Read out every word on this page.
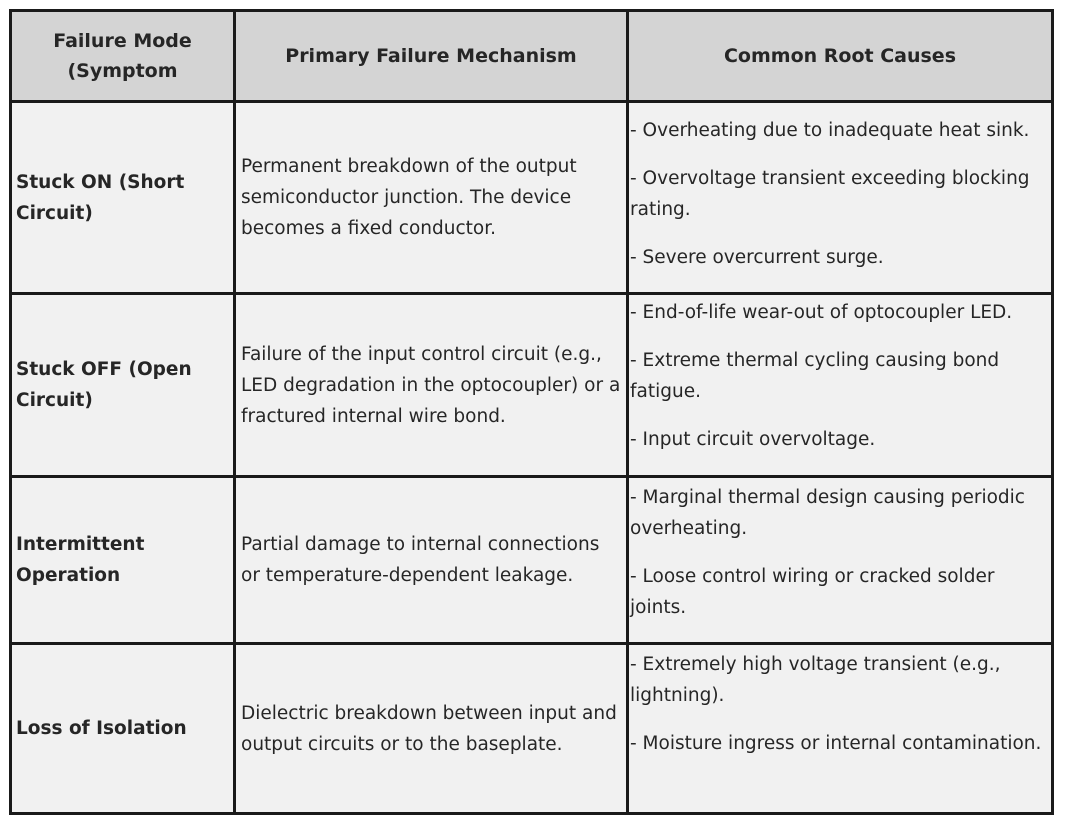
Failure Mode (Symptom	Primary Failure Mechanism	Common Root Causes
Stuck ON (Short Circuit)	Permanent breakdown of the output semiconductor junction. The device becomes a fixed conductor.	- Overheating due to inadequate heat sink.
- Overvoltage transient exceeding blocking rating.
- Severe overcurrent surge.

Stuck OFF (Open Circuit)	Failure of the input control circuit (e.g., LED degradation in the optocoupler) or a fractured internal wire bond.	- End-of-life wear-out of optocoupler LED.
- Extreme thermal cycling causing bond fatigue.
- Input circuit overvoltage.

Intermittent Operation	Partial damage to internal connections or temperature-dependent leakage.	- Marginal thermal design causing periodic overheating.
- Loose control wiring or cracked solder joints.

Loss of Isolation	Dielectric breakdown between input and output circuits or to the baseplate.	- Extremely high voltage transient (e.g., lightning).
- Moisture ingress or internal contamination.
